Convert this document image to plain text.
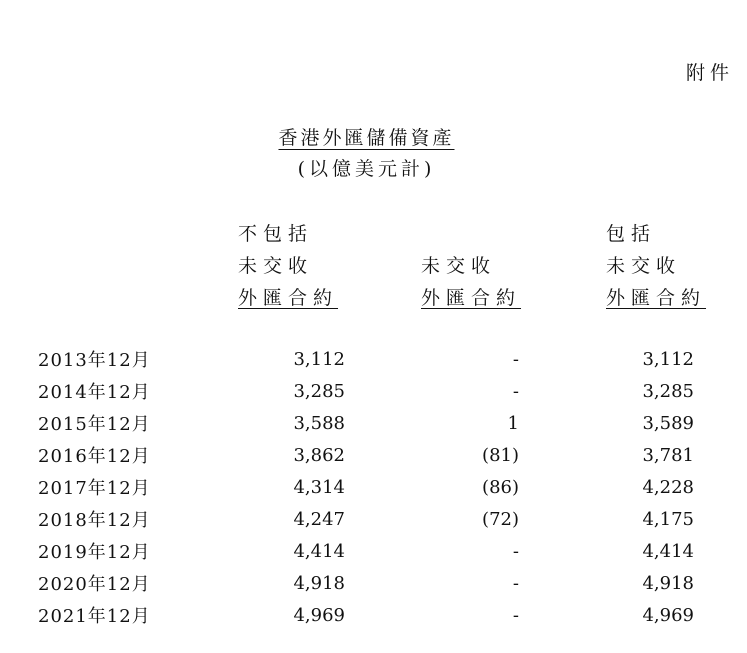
附件
香港外匯儲備資產
(以億美元計)
不包括
未交收
外匯合約
未交收
外匯合約
包括
未交收
外匯合約
2013年12月	3,112	-	3,112
2014年12月	3,285	-	3,285
2015年12月	3,588	1	3,589
2016年12月	3,862	(81)	3,781
2017年12月	4,314	(86)	4,228
2018年12月	4,247	(72)	4,175
2019年12月	4,414	-	4,414
2020年12月	4,918	-	4,918
2021年12月	4,969	-	4,969
